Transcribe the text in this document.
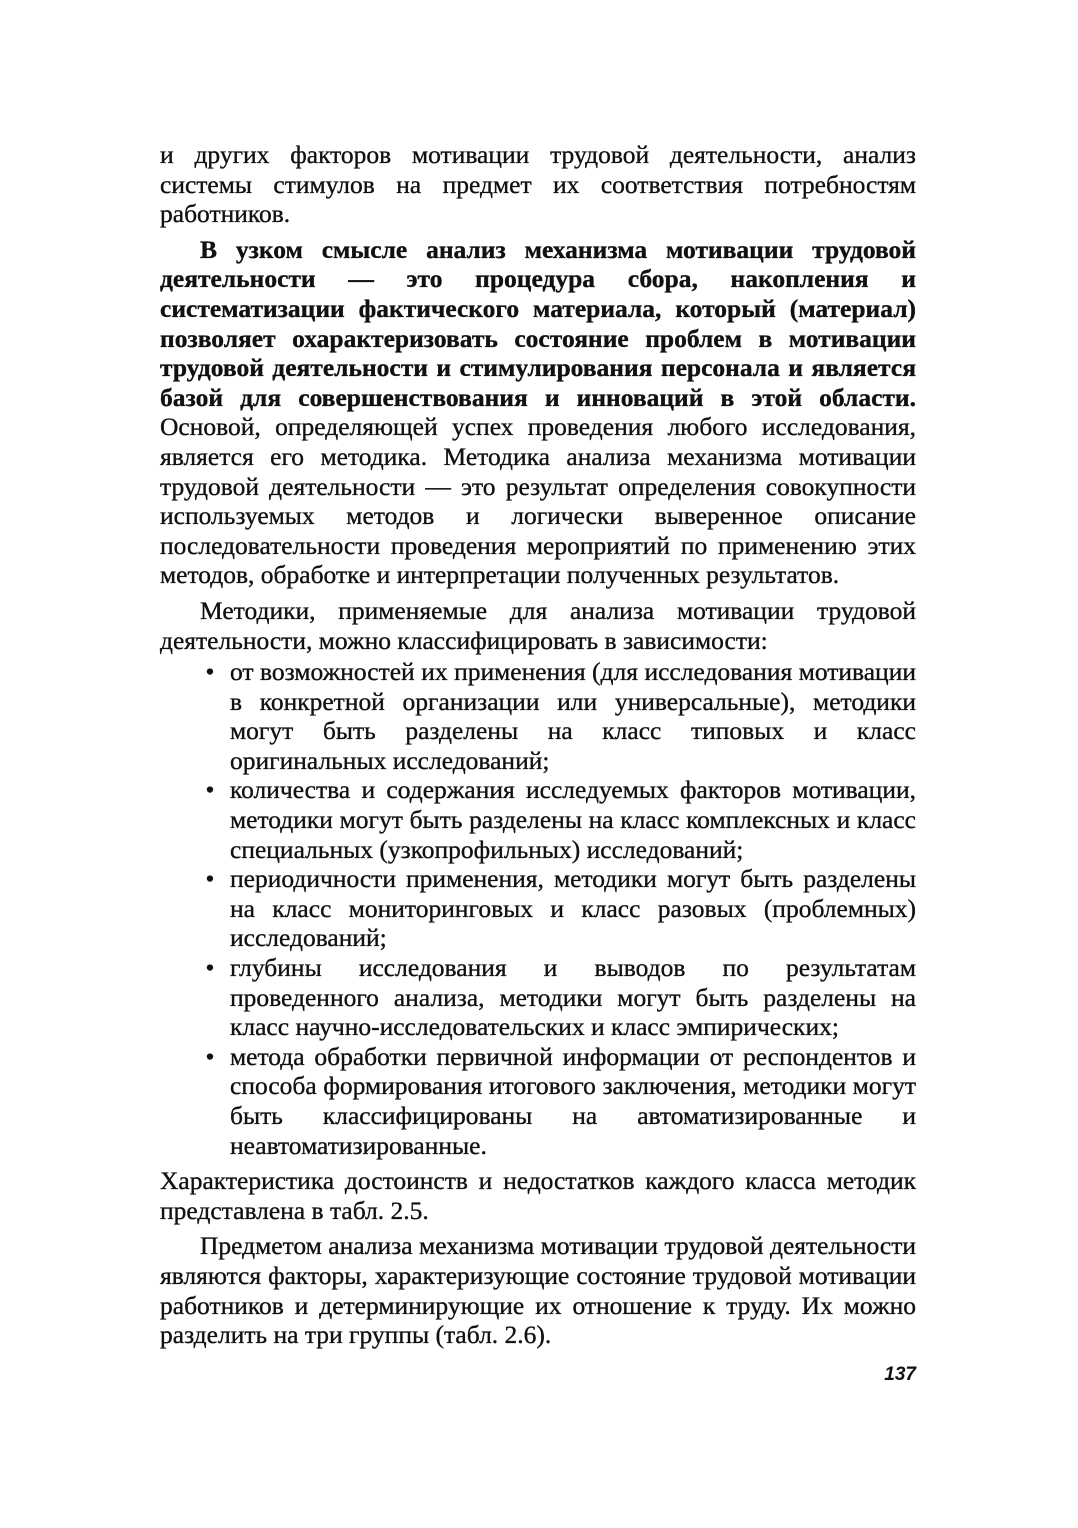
и других факторов мотивации трудовой деятельности, анализ системы стимулов на предмет их соответствия потребностям работников.

В узком смысле анализ механизма мотивации трудовой деятельности — это процедура сбора, накопления и систематизации фактического материала, который (материал) позволяет охарактеризовать состояние проблем в мотивации трудовой деятельности и стимулирования персонала и является базой для совершенствования и инноваций в этой области. Основой, определяющей успех проведения любого исследования, является его методика. Методика анализа механизма мотивации трудовой деятельности — это результат определения совокупности используемых методов и логически выверенное описание последовательности проведения мероприятий по применению этих методов, обработке и интерпретации полученных результатов.

Методики, применяемые для анализа мотивации трудовой деятельности, можно классифицировать в зависимости:

• от возможностей их применения (для исследования мотивации в конкретной организации или универсальные), методики могут быть разделены на класс типовых и класс оригинальных исследований;
• количества и содержания исследуемых факторов мотивации, методики могут быть разделены на класс комплексных и класс специальных (узкопрофильных) исследований;
• периодичности применения, методики могут быть разделены на класс мониторинговых и класс разовых (проблемных) исследований;
• глубины исследования и выводов по результатам проведенного анализа, методики могут быть разделены на класс научно-исследовательских и класс эмпирических;
• метода обработки первичной информации от респондентов и способа формирования итогового заключения, методики могут быть классифицированы на автоматизированные и неавтоматизированные.

Характеристика достоинств и недостатков каждого класса методик представлена в табл. 2.5.

Предметом анализа механизма мотивации трудовой деятельности являются факторы, характеризующие состояние трудовой мотивации работников и детерминирующие их отношение к труду. Их можно разделить на три группы (табл. 2.6).

137
